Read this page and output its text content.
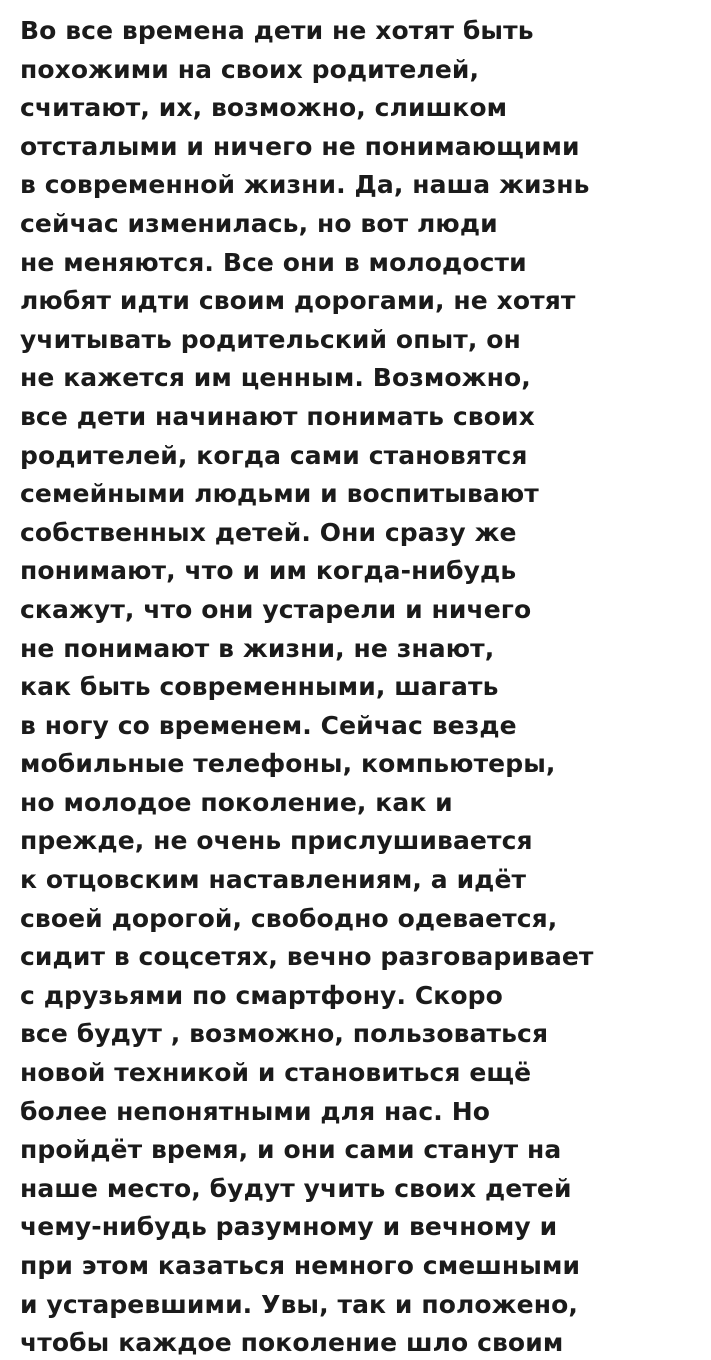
Во все времена дети не хотят быть
похожими на своих родителей,
считают, их, возможно, слишком
отсталыми и ничего не понимающими
в современной жизни. Да, наша жизнь
сейчас изменилась, но вот люди
не меняются. Все они в молодости
любят идти своим дорогами, не хотят
учитывать родительский опыт, он
не кажется им ценным. Возможно,
все дети начинают понимать своих
родителей, когда сами становятся
семейными людьми и воспитывают
собственных детей. Они сразу же
понимают, что и им когда-нибудь
скажут, что они устарели и ничего
не понимают в жизни, не знают,
как быть современными, шагать
в ногу со временем. Сейчас везде
мобильные телефоны, компьютеры,
но молодое поколение, как и
прежде, не очень прислушивается
к отцовским наставлениям, а идёт
своей дорогой, свободно одевается,
сидит в соцсетях, вечно разговаривает
с друзьями по смартфону. Скоро
все будут , возможно, пользоваться
новой техникой и становиться ещё
более непонятными для нас. Но
пройдёт время, и они сами станут на
наше место, будут учить своих детей
чему-нибудь разумному и вечному и
при этом казаться немного смешными
и устаревшими. Увы, так и положено,
чтобы каждое поколение шло своим
